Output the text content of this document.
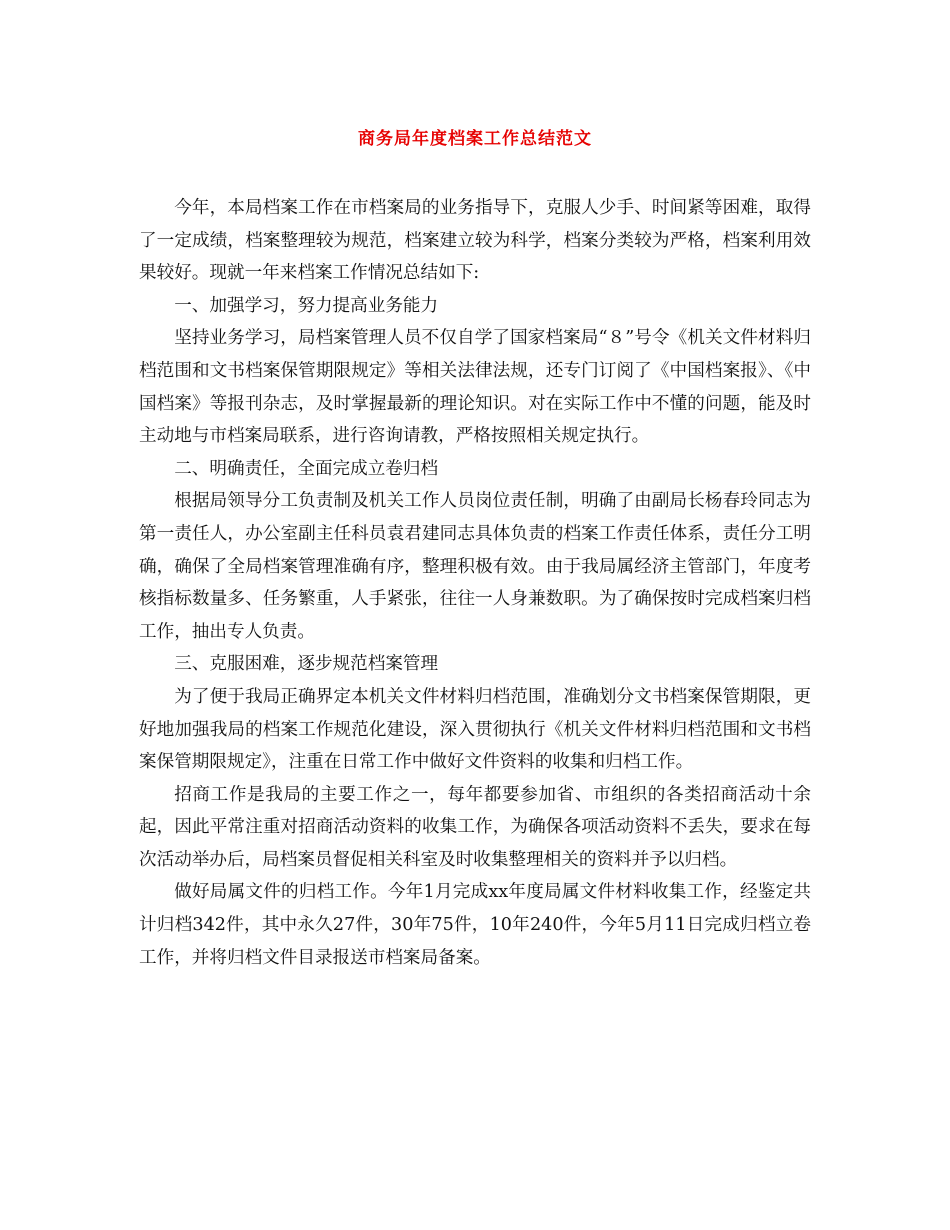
商务局年度档案工作总结范文

今年，本局档案工作在市档案局的业务指导下，克服人少手、时间紧等困难，取得了一定成绩，档案整理较为规范，档案建立较为科学，档案分类较为严格，档案利用效果较好。现就一年来档案工作情况总结如下:

一、加强学习，努力提高业务能力

坚持业务学习，局档案管理人员不仅自学了国家档案局“８”号令《机关文件材料归档范围和文书档案保管期限规定》等相关法律法规，还专门订阅了《中国档案报》、《中国档案》等报刊杂志，及时掌握最新的理论知识。对在实际工作中不懂的问题，能及时主动地与市档案局联系，进行咨询请教，严格按照相关规定执行。

二、明确责任，全面完成立卷归档

根据局领导分工负责制及机关工作人员岗位责任制，明确了由副局长杨春玲同志为第一责任人，办公室副主任科员袁君建同志具体负责的档案工作责任体系，责任分工明确，确保了全局档案管理准确有序，整理积极有效。由于我局属经济主管部门，年度考核指标数量多、任务繁重，人手紧张，往往一人身兼数职。为了确保按时完成档案归档工作，抽出专人负责。

三、克服困难，逐步规范档案管理

为了便于我局正确界定本机关文件材料归档范围，准确划分文书档案保管期限，更好地加强我局的档案工作规范化建设，深入贯彻执行《机关文件材料归档范围和文书档案保管期限规定》，注重在日常工作中做好文件资料的收集和归档工作。

招商工作是我局的主要工作之一，每年都要参加省、市组织的各类招商活动十余起，因此平常注重对招商活动资料的收集工作，为确保各项活动资料不丢失，要求在每次活动举办后，局档案员督促相关科室及时收集整理相关的资料并予以归档。

做好局属文件的归档工作。今年1月完成xx年度局属文件材料收集工作，经鉴定共计归档342件，其中永久27件，30年75件，10年240件，今年5月11日完成归档立卷工作，并将归档文件目录报送市档案局备案。
